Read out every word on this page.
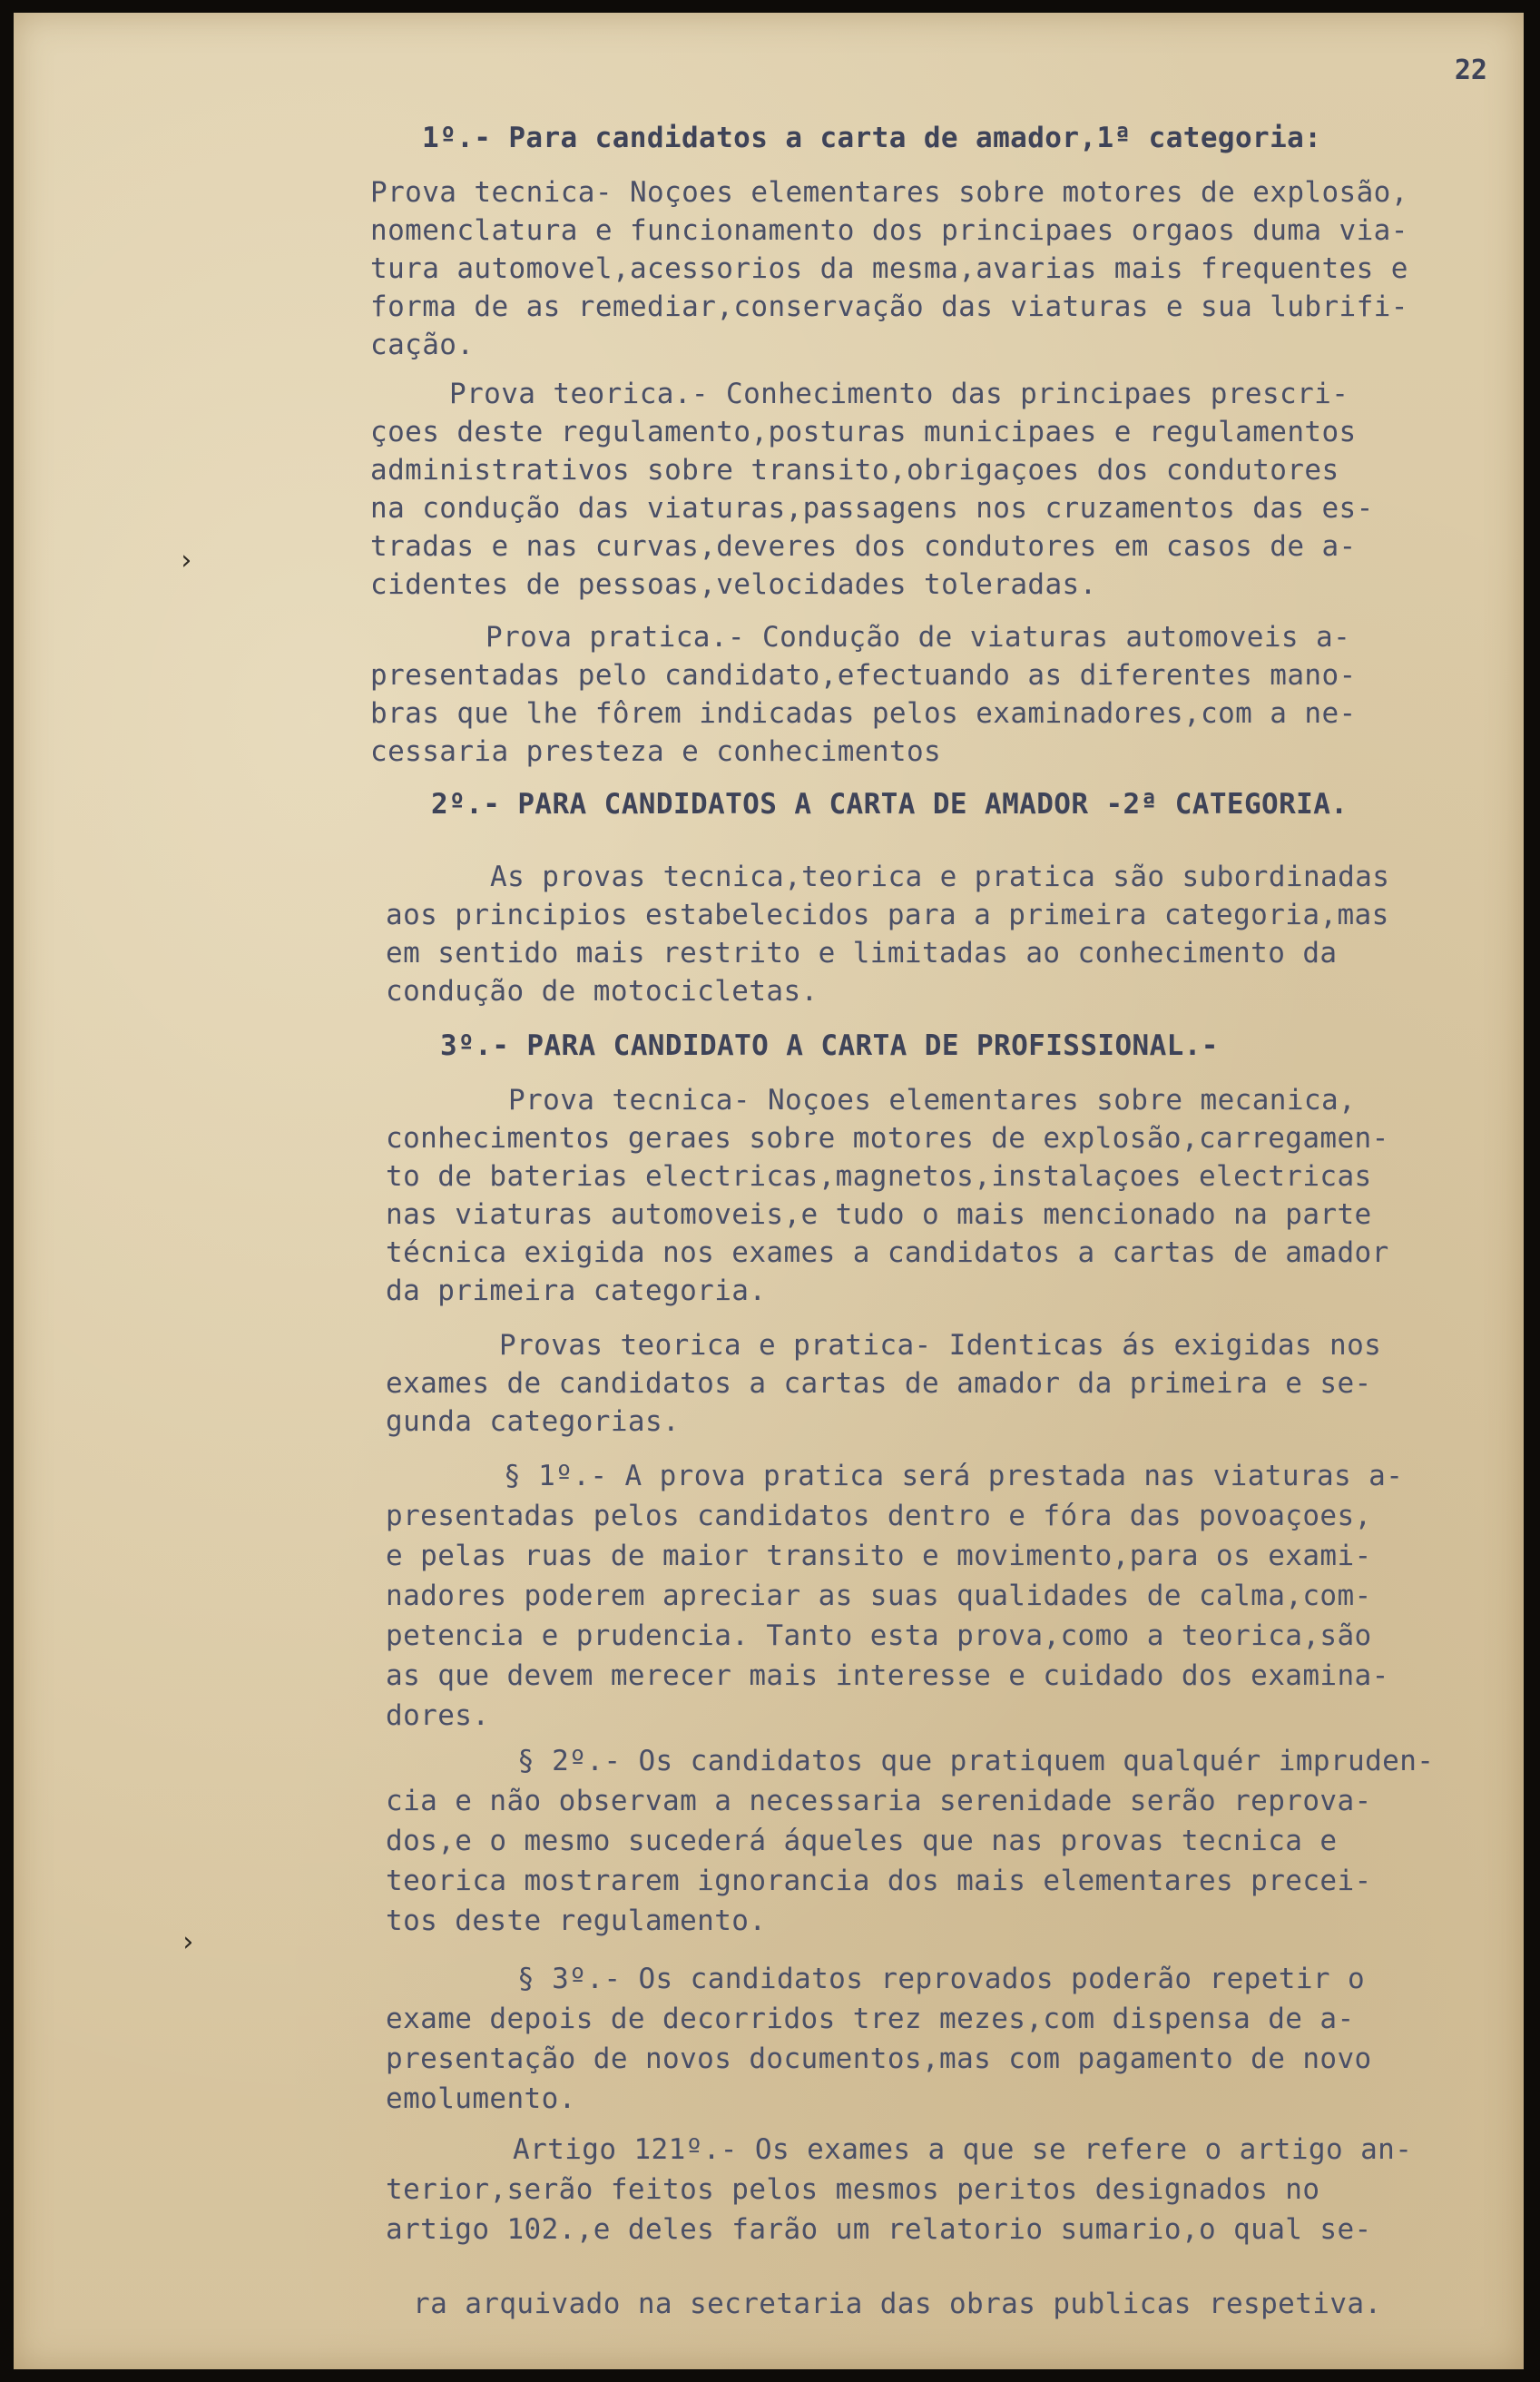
22
›
›
1º.- Para candidatos a carta de amador,1ª categoria:
Prova tecnica- Noçoes elementares sobre motores de explosão,
nomenclatura e funcionamento dos principaes orgaos duma via-
tura automovel,acessorios da mesma,avarias mais frequentes e
forma de as remediar,conservação das viaturas e sua lubrifi-
cação.
Prova teorica.- Conhecimento das principaes prescri-
çoes deste regulamento,posturas municipaes e regulamentos
administrativos sobre transito,obrigaçoes dos condutores
na condução das viaturas,passagens nos cruzamentos das es-
tradas e nas curvas,deveres dos condutores em casos de a-
cidentes de pessoas,velocidades toleradas.
Prova pratica.- Condução de viaturas automoveis a-
presentadas pelo candidato,efectuando as diferentes mano-
bras que lhe fôrem indicadas pelos examinadores,com a ne-
cessaria presteza e conhecimentos
2º.- PARA CANDIDATOS A CARTA DE AMADOR -2ª CATEGORIA.
As provas tecnica,teorica e pratica são subordinadas
aos principios estabelecidos para a primeira categoria,mas
em sentido mais restrito e limitadas ao conhecimento da
condução de motocicletas.
3º.- PARA CANDIDATO A CARTA DE PROFISSIONAL.-
Prova tecnica- Noçoes elementares sobre mecanica,
conhecimentos geraes sobre motores de explosão,carregamen-
to de baterias electricas,magnetos,instalaçoes electricas
nas viaturas automoveis,e tudo o mais mencionado na parte
técnica exigida nos exames a candidatos a cartas de amador
da primeira categoria.
Provas teorica e pratica- Identicas ás exigidas nos
exames de candidatos a cartas de amador da primeira e se-
gunda categorias.
§ 1º.- A prova pratica será prestada nas viaturas a-
presentadas pelos candidatos dentro e fóra das povoaçoes,
e pelas ruas de maior transito e movimento,para os exami-
nadores poderem apreciar as suas qualidades de calma,com-
petencia e prudencia. Tanto esta prova,como a teorica,são
as que devem merecer mais interesse e cuidado dos examina-
dores.
§ 2º.- Os candidatos que pratiquem qualquér impruden-
cia e não observam a necessaria serenidade serão reprova-
dos,e o mesmo sucederá áqueles que nas provas tecnica e
teorica mostrarem ignorancia dos mais elementares precei-
tos deste regulamento.
§ 3º.- Os candidatos reprovados poderão repetir o
exame depois de decorridos trez mezes,com dispensa de a-
presentação de novos documentos,mas com pagamento de novo
emolumento.
Artigo 121º.- Os exames a que se refere o artigo an-
terior,serão feitos pelos mesmos peritos designados no
artigo 102.,e deles farão um relatorio sumario,o qual se-
ra arquivado na secretaria das obras publicas respetiva.
